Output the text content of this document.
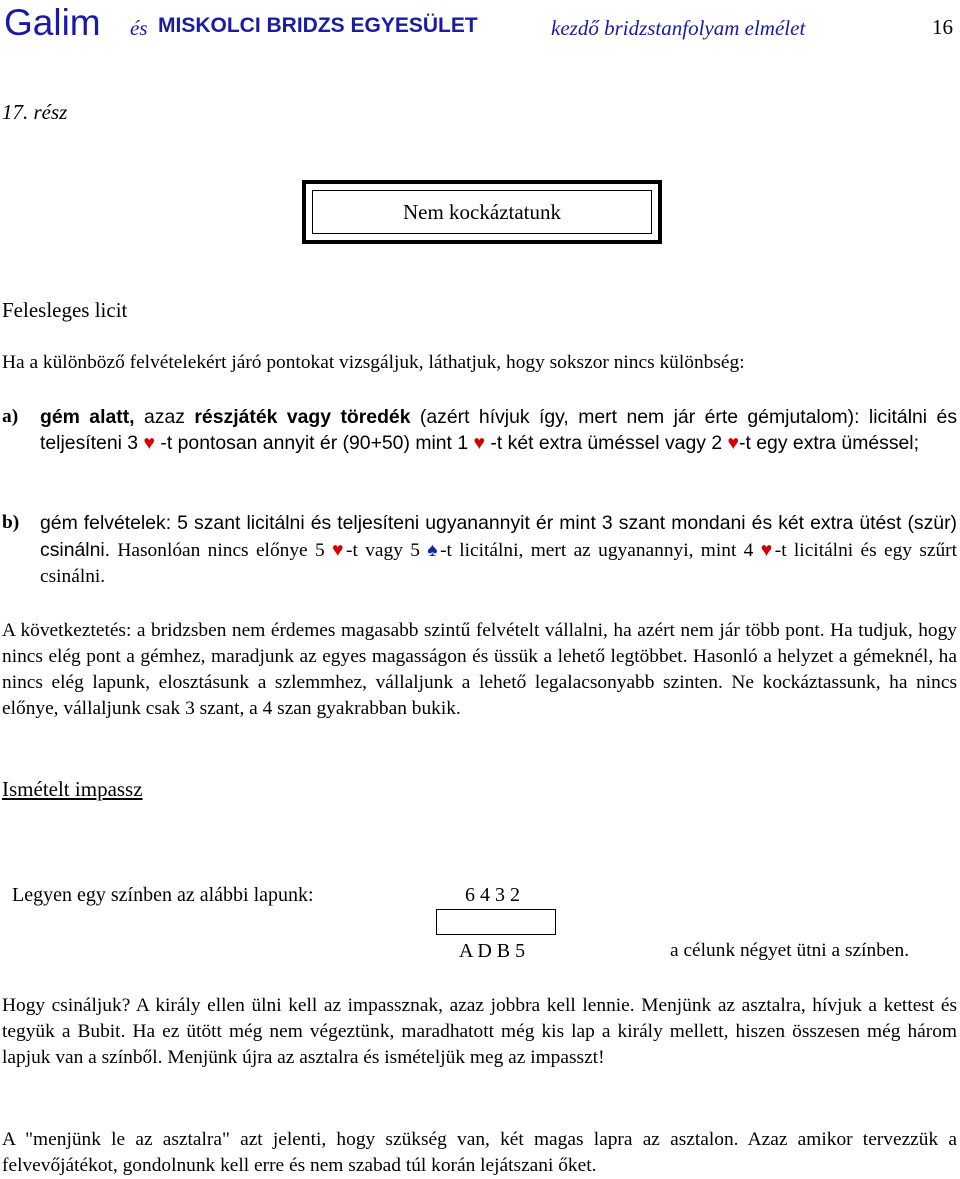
Galim és MISKOLCI BRIDZS EGYESÜLET	kezdő bridzstanfolyam elmélet	16
17. rész
Nem kockáztatunk
Felesleges licit
Ha a különböző felvételekért járó pontokat vizsgáljuk, láthatjuk, hogy sokszor nincs különbség:
a) gém alatt, azaz részjáték vagy töredék (azért hívjuk így, mert nem jár érte gémjutalom): licitálni és teljesíteni 3 ♥ -t pontosan annyit ér (90+50) mint 1 ♥ -t két extra üméssel vagy 2 ♥-t egy extra üméssel;
b) gém felvételek: 5 szant licitálni és teljesíteni ugyanannyit ér mint 3 szant mondani és két extra ütést (szür) csinálni. Hasonlóan nincs előnye 5 ♥-t vagy 5 ♠-t licitálni, mert az ugyanannyi, mint 4 ♥-t licitálni és egy szűrt csinálni.
A következtetés: a bridzsben nem érdemes magasabb szintű felvételt vállalni, ha azért nem jár több pont. Ha tudjuk, hogy nincs elég pont a gémhez, maradjunk az egyes magasságon és üssük a lehető legtöbbet. Hasonló a helyzet a gémeknél, ha nincs elég lapunk, elosztásunk a szlemmhez, vállaljunk a lehető legalacsonyabb szinten. Ne kockáztassunk, ha nincs előnye, vállaljunk csak 3 szant, a 4 szan gyakrabban bukik.
Ismételt impassz
Legyen egy színben az alábbi lapunk:	6 4 3 2
A D B 5	a célunk négyet ütni a színben.
Hogy csináljuk? A király ellen ülni kell az impassznak, azaz jobbra kell lennie. Menjünk az asztalra, hívjuk a kettest és tegyük a Bubit. Ha ez ütött még nem végeztünk, maradhatott még kis lap a király mellett, hiszen összesen még három lapjuk van a színből. Menjünk újra az asztalra és ismételjük meg az impasszt!
A "menjünk le az asztalra" azt jelenti, hogy szükség van, két magas lapra az asztalon. Azaz amikor tervezzük a felvevőjátékot, gondolnunk kell erre és nem szabad túl korán lejátszani őket.
